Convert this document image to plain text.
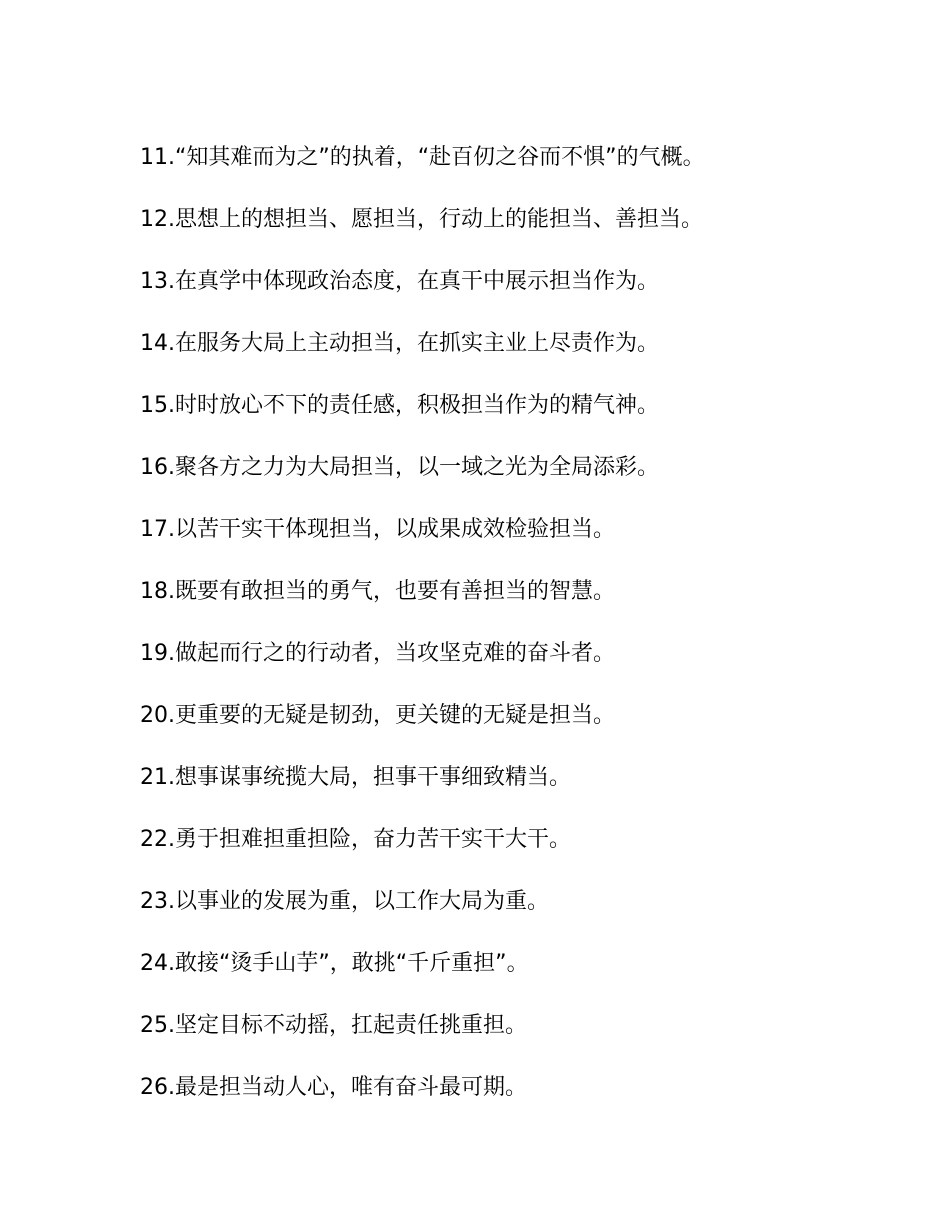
11.“知其难而为之”的执着，“赴百仞之谷而不惧”的气概。
12.思想上的想担当、愿担当，行动上的能担当、善担当。
13.在真学中体现政治态度，在真干中展示担当作为。
14.在服务大局上主动担当，在抓实主业上尽责作为。
15.时时放心不下的责任感，积极担当作为的精气神。
16.聚各方之力为大局担当，以一域之光为全局添彩。
17.以苦干实干体现担当，以成果成效检验担当。
18.既要有敢担当的勇气，也要有善担当的智慧。
19.做起而行之的行动者，当攻坚克难的奋斗者。
20.更重要的无疑是韧劲，更关键的无疑是担当。
21.想事谋事统揽大局，担事干事细致精当。
22.勇于担难担重担险，奋力苦干实干大干。
23.以事业的发展为重，以工作大局为重。
24.敢接“烫手山芋”，敢挑“千斤重担”。
25.坚定目标不动摇，扛起责任挑重担。
26.最是担当动人心，唯有奋斗最可期。
